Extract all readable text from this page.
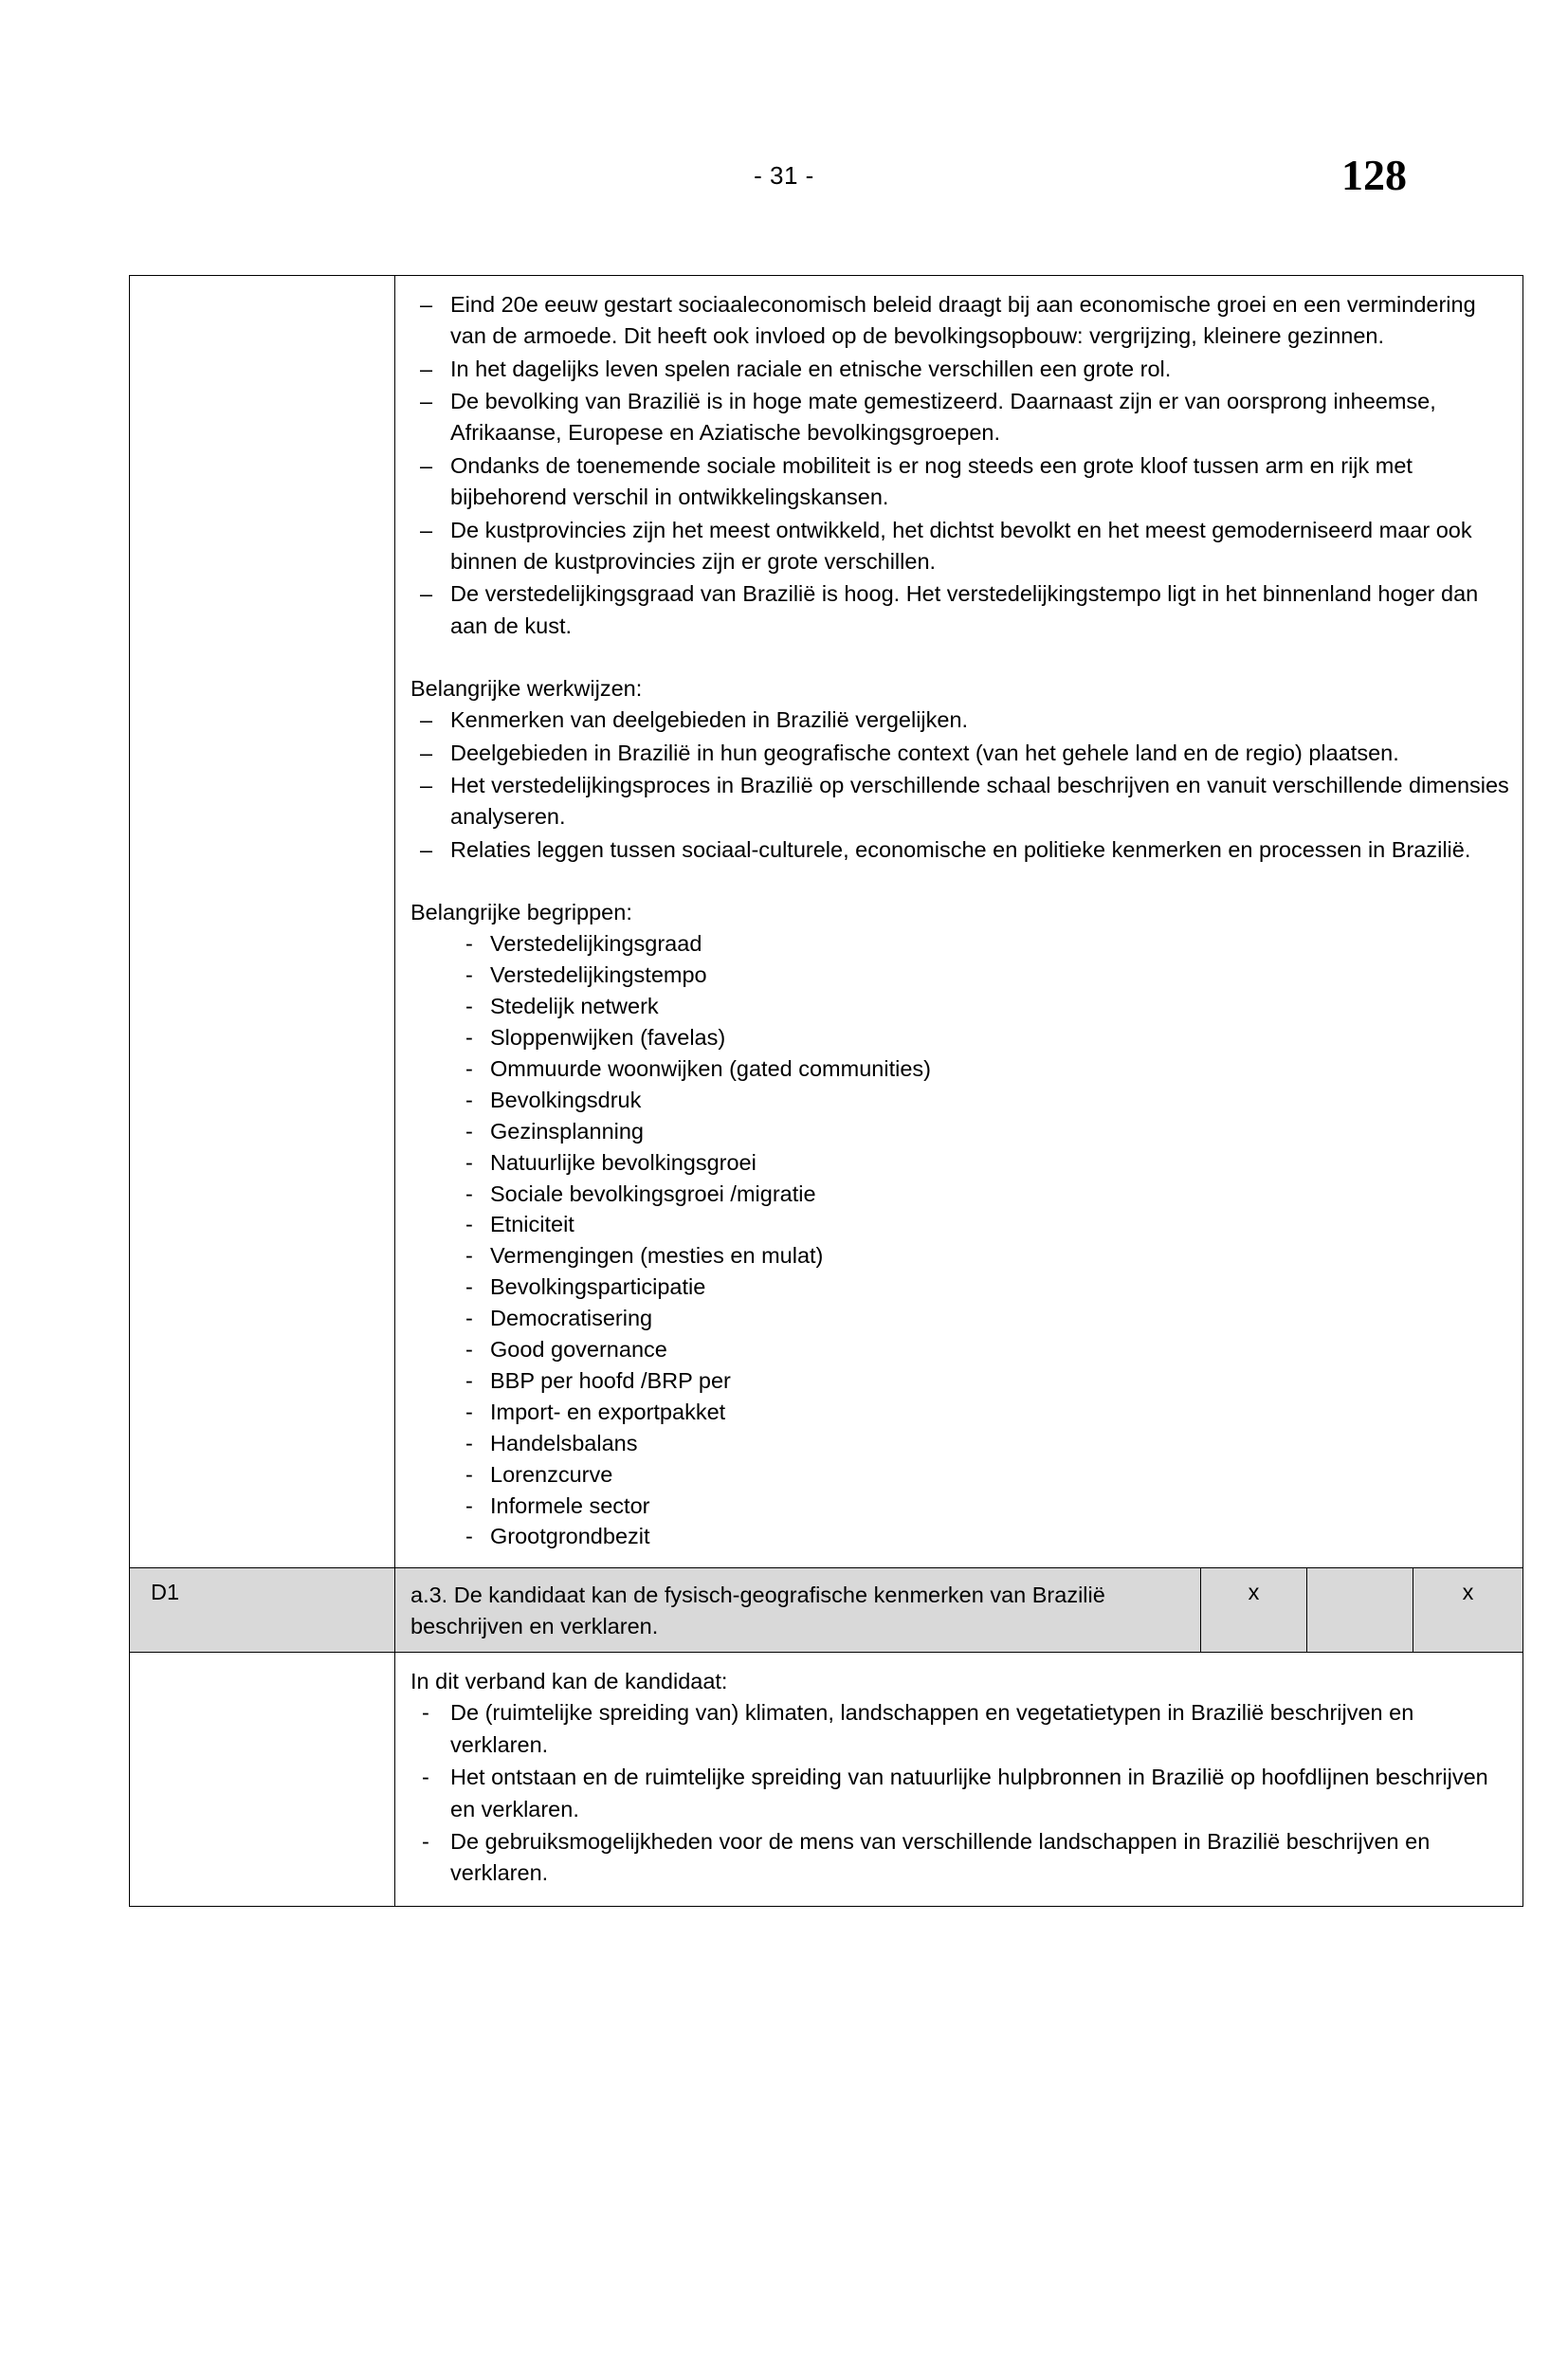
- 31 -	128

– Eind 20e eeuw gestart sociaaleconomisch beleid draagt bij aan economische groei en een vermindering van de armoede. Dit heeft ook invloed op de bevolkingsopbouw: vergrijzing, kleinere gezinnen.
– In het dagelijks leven spelen raciale en etnische verschillen een grote rol.
– De bevolking van Brazilië is in hoge mate gemestizeerd. Daarnaast zijn er van oorsprong inheemse, Afrikaanse, Europese en Aziatische bevolkingsgroepen.
– Ondanks de toenemende sociale mobiliteit is er nog steeds een grote kloof tussen arm en rijk met bijbehorend verschil in ontwikkelingskansen.
– De kustprovincies zijn het meest ontwikkeld, het dichtst bevolkt en het meest gemoderniseerd maar ook binnen de kustprovincies zijn er grote verschillen.
– De verstedelijkingsgraad van Brazilië is hoog. Het verstedelijkingstempo ligt in het binnenland hoger dan aan de kust.
Belangrijke werkwijzen:
– Kenmerken van deelgebieden in Brazilië vergelijken.
– Deelgebieden in Brazilië in hun geografische context (van het gehele land en de regio) plaatsen.
– Het verstedelijkingsproces in Brazilië op verschillende schaal beschrijven en vanuit verschillende dimensies analyseren.
– Relaties leggen tussen sociaal-culturele, economische en politieke kenmerken en processen in Brazilië.
Belangrijke begrippen:
- Verstedelijkingsgraad
- Verstedelijkingstempo
- Stedelijk netwerk
- Sloppenwijken (favelas)
- Ommuurde woonwijken (gated communities)
- Bevolkingsdruk
- Gezinsplanning
- Natuurlijke bevolkingsgroei
- Sociale bevolkingsgroei /migratie
- Etniciteit
- Vermengingen (mesties en mulat)
- Bevolkingsparticipatie
- Democratisering
- Good governance
- BBP per hoofd /BRP per
- Import- en exportpakket
- Handelsbalans
- Lorenzcurve
- Informele sector
- Grootgrondbezit

D1	a.3. De kandidaat kan de fysisch-geografische kenmerken van Brazilië beschrijven en verklaren.	x		x

In dit verband kan de kandidaat:
- De (ruimtelijke spreiding van) klimaten, landschappen en vegetatietypen in Brazilië beschrijven en verklaren.
- Het ontstaan en de ruimtelijke spreiding van natuurlijke hulpbronnen in Brazilië op hoofdlijnen beschrijven en verklaren.
- De gebruiksmogelijkheden voor de mens van verschillende landschappen in Brazilië beschrijven en verklaren.
